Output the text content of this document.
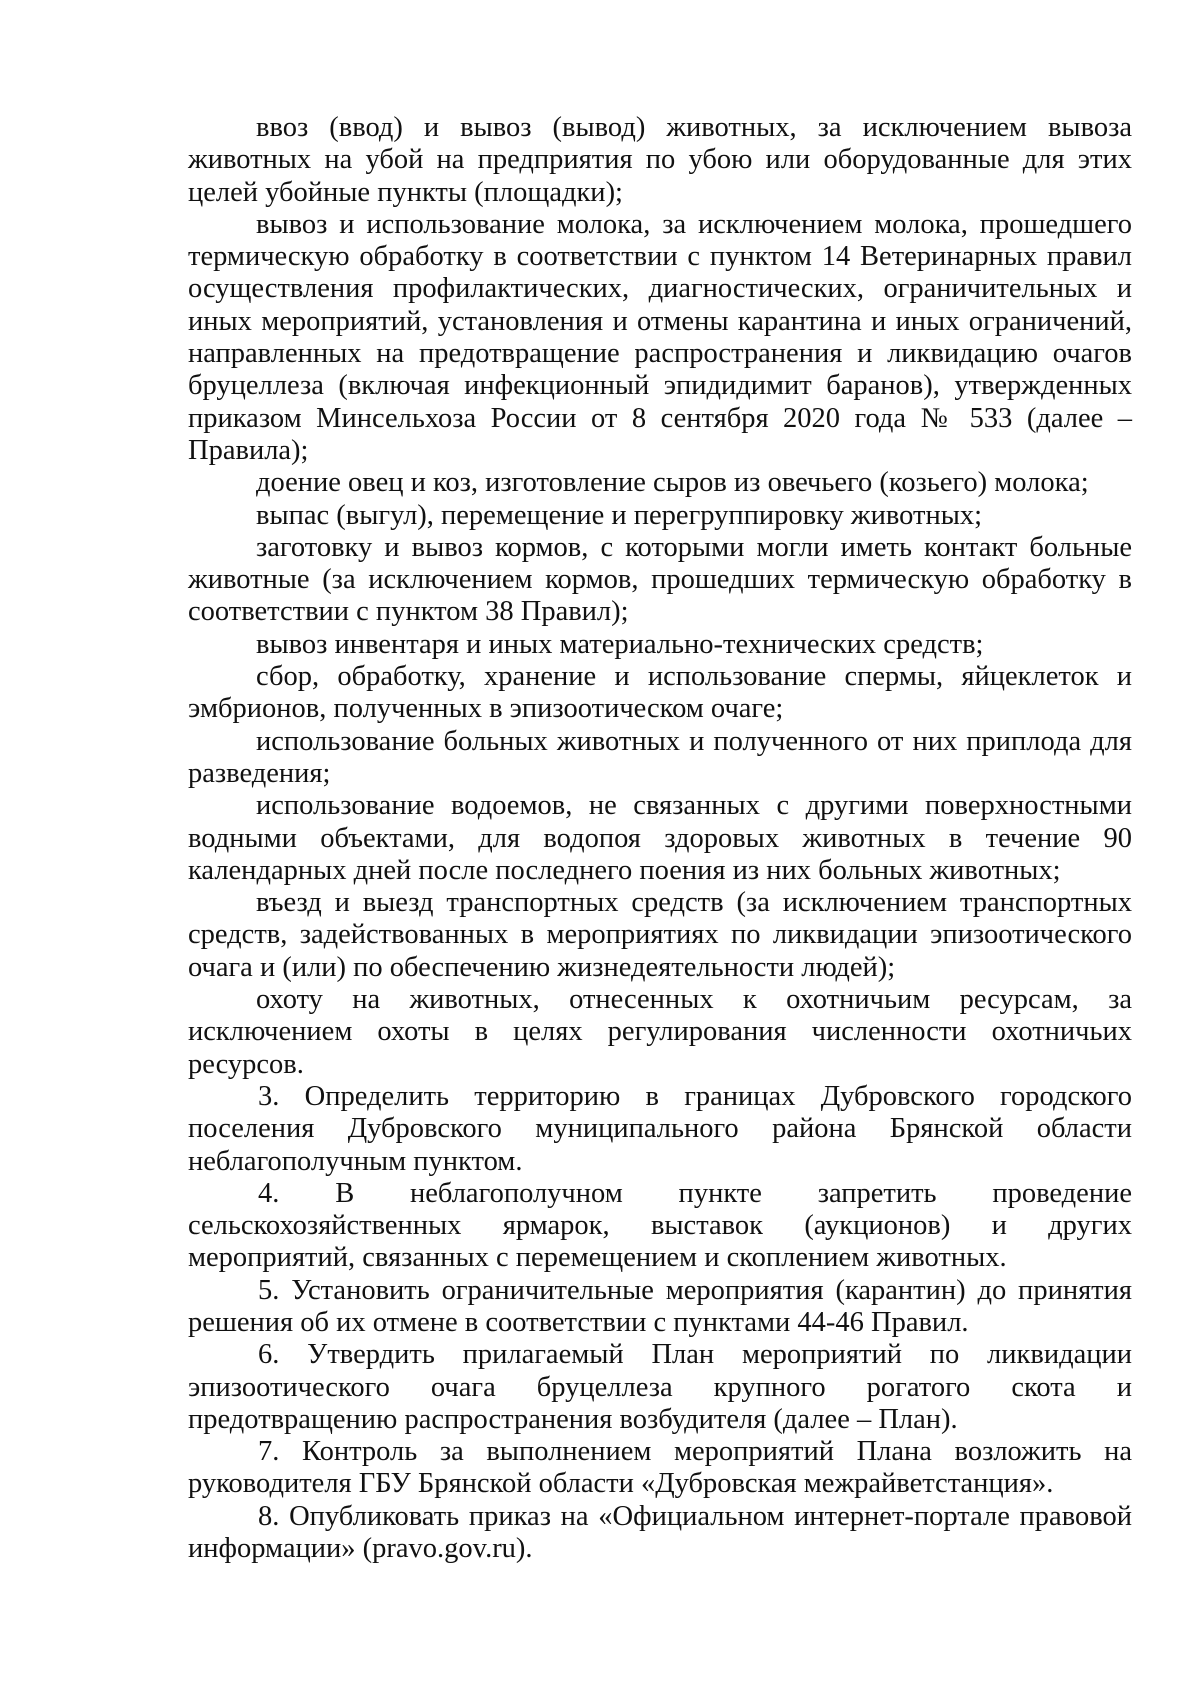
ввоз (ввод) и вывоз (вывод) животных, за исключением вывоза животных на убой на предприятия по убою или оборудованные для этих целей убойные пункты (площадки);

вывоз и использование молока, за исключением молока, прошедшего термическую обработку в соответствии с пунктом 14 Ветеринарных правил осуществления профилактических, диагностических, ограничительных и иных мероприятий, установления и отмены карантина и иных ограничений, направленных на предотвращение распространения и ликвидацию очагов бруцеллеза (включая инфекционный эпидидимит баранов), утвержденных приказом Минсельхоза России от 8 сентября 2020 года № 533 (далее – Правила);

доение овец и коз, изготовление сыров из овечьего (козьего) молока;

выпас (выгул), перемещение и перегруппировку животных;

заготовку и вывоз кормов, с которыми могли иметь контакт больные животные (за исключением кормов, прошедших термическую обработку в соответствии с пунктом 38 Правил);

вывоз инвентаря и иных материально-технических средств;

сбор, обработку, хранение и использование спермы, яйцеклеток и эмбрионов, полученных в эпизоотическом очаге;

использование больных животных и полученного от них приплода для разведения;

использование водоемов, не связанных с другими поверхностными водными объектами, для водопоя здоровых животных в течение 90 календарных дней после последнего поения из них больных животных;

въезд и выезд транспортных средств (за исключением транспортных средств, задействованных в мероприятиях по ликвидации эпизоотического очага и (или) по обеспечению жизнедеятельности людей);

охоту на животных, отнесенных к охотничьим ресурсам, за исключением охоты в целях регулирования численности охотничьих ресурсов.

3. Определить территорию в границах Дубровского городского поселения Дубровского муниципального района Брянской области неблагополучным пунктом.

4. В неблагополучном пункте запретить проведение сельскохозяйственных ярмарок, выставок (аукционов) и других мероприятий, связанных с перемещением и скоплением животных.

5. Установить ограничительные мероприятия (карантин) до принятия решения об их отмене в соответствии с пунктами 44-46 Правил.

6. Утвердить прилагаемый План мероприятий по ликвидации эпизоотического очага бруцеллеза крупного рогатого скота и предотвращению распространения возбудителя (далее – План).

7. Контроль за выполнением мероприятий Плана возложить на руководителя ГБУ Брянской области «Дубровская межрайветстанция».

8. Опубликовать приказ на «Официальном интернет-портале правовой информации» (pravo.gov.ru).
